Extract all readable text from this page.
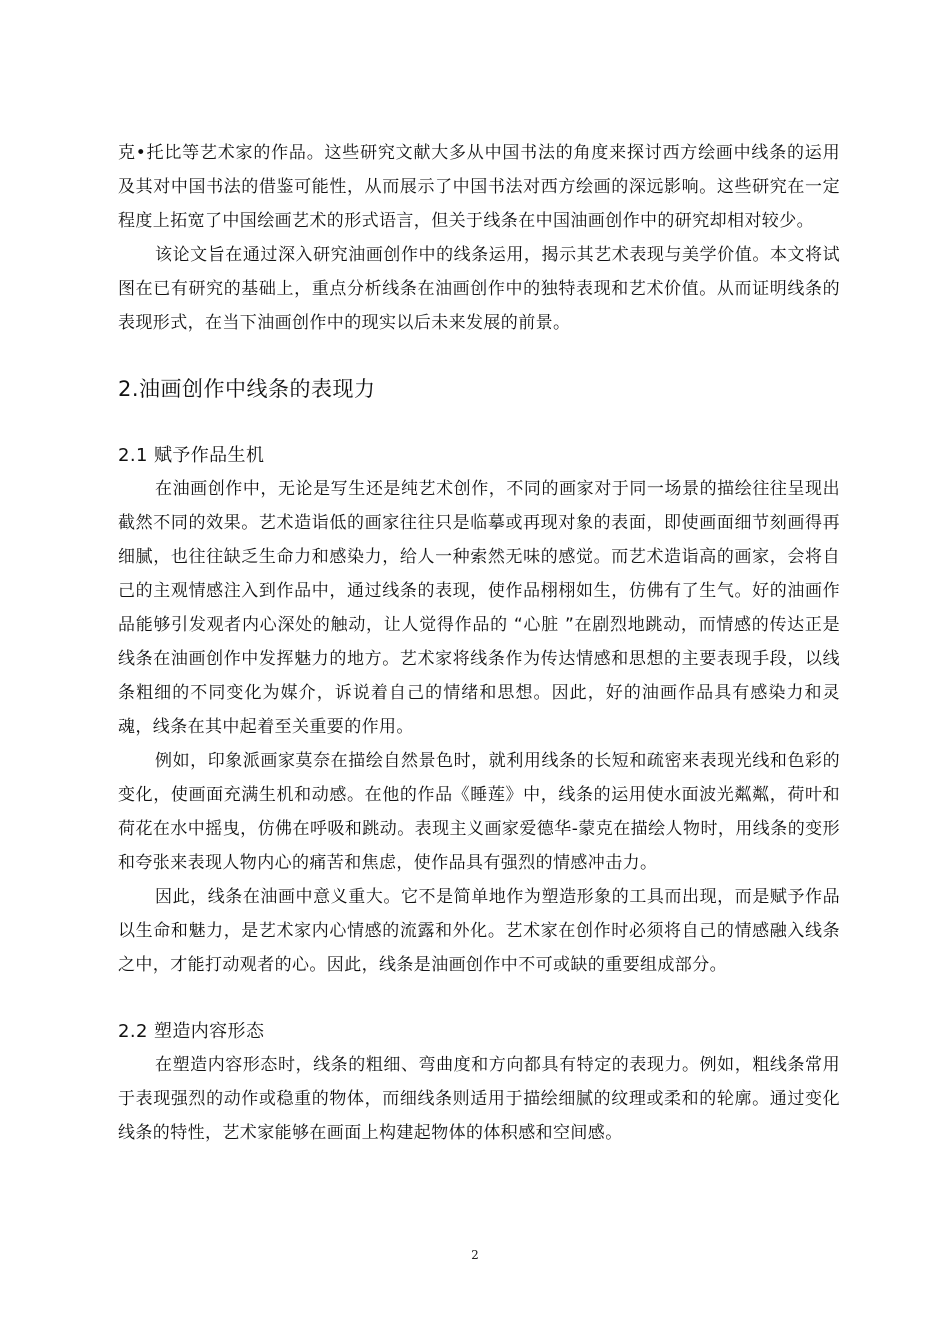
克•托比等艺术家的作品。这些研究文献大多从中国书法的角度来探讨西方绘画中线条的运用及其对中国书法的借鉴可能性，从而展示了中国书法对西方绘画的深远影响。这些研究在一定程度上拓宽了中国绘画艺术的形式语言，但关于线条在中国油画创作中的研究却相对较少。

该论文旨在通过深入研究油画创作中的线条运用，揭示其艺术表现与美学价值。本文将试图在已有研究的基础上，重点分析线条在油画创作中的独特表现和艺术价值。从而证明线条的表现形式，在当下油画创作中的现实以后未来发展的前景。

2.油画创作中线条的表现力
2.1 赋予作品生机

在油画创作中，无论是写生还是纯艺术创作，不同的画家对于同一场景的描绘往往呈现出截然不同的效果。艺术造诣低的画家往往只是临摹或再现对象的表面，即使画面细节刻画得再细腻，也往往缺乏生命力和感染力，给人一种索然无味的感觉。而艺术造诣高的画家，会将自己的主观情感注入到作品中，通过线条的表现，使作品栩栩如生，仿佛有了生气。好的油画作品能够引发观者内心深处的触动，让人觉得作品的 “心脏 ”在剧烈地跳动，而情感的传达正是线条在油画创作中发挥魅力的地方。艺术家将线条作为传达情感和思想的主要表现手段，以线条粗细的不同变化为媒介，诉说着自己的情绪和思想。因此，好的油画作品具有感染力和灵魂，线条在其中起着至关重要的作用。

例如，印象派画家莫奈在描绘自然景色时，就利用线条的长短和疏密来表现光线和色彩的变化，使画面充满生机和动感。在他的作品《睡莲》中，线条的运用使水面波光粼粼，荷叶和荷花在水中摇曳，仿佛在呼吸和跳动。表现主义画家爱德华-蒙克在描绘人物时，用线条的变形和夸张来表现人物内心的痛苦和焦虑，使作品具有强烈的情感冲击力。

因此，线条在油画中意义重大。它不是简单地作为塑造形象的工具而出现，而是赋予作品以生命和魅力，是艺术家内心情感的流露和外化。艺术家在创作时必须将自己的情感融入线条之中，才能打动观者的心。因此，线条是油画创作中不可或缺的重要组成部分。

2.2 塑造内容形态

在塑造内容形态时，线条的粗细、弯曲度和方向都具有特定的表现力。例如，粗线条常用于表现强烈的动作或稳重的物体，而细线条则适用于描绘细腻的纹理或柔和的轮廓。通过变化线条的特性，艺术家能够在画面上构建起物体的体积感和空间感。

2
